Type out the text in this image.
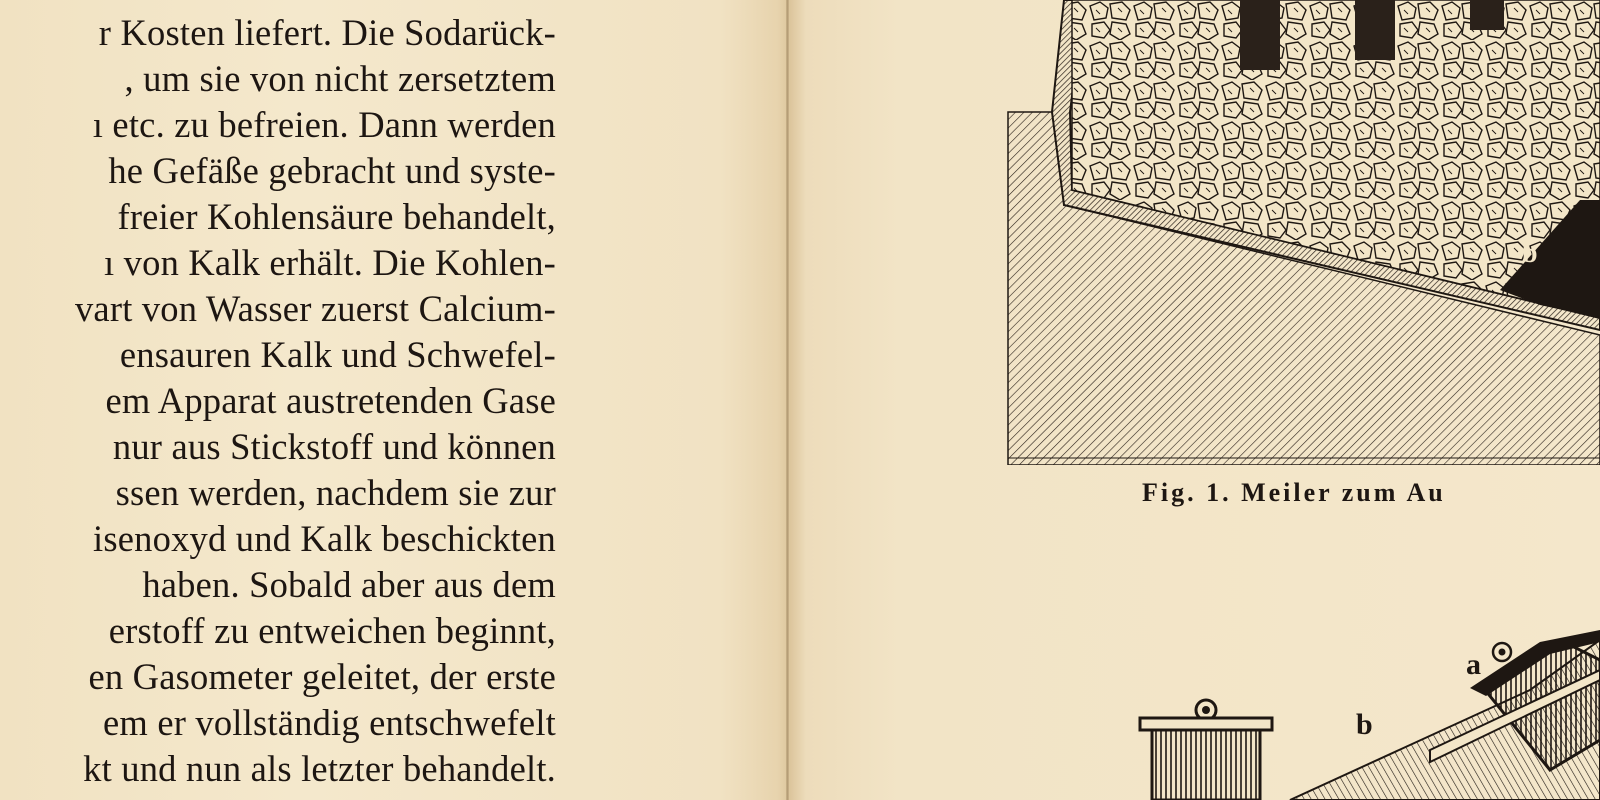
r Kosten liefert. Die Sodarück-
, um sie von nicht zersetztem
ı etc. zu befreien. Dann werden
he Gefäße gebracht und syste-
freier Kohlensäure behandelt,
ı von Kalk erhält. Die Kohlen-
vart von Wasser zuerst Calcium-
ensauren Kalk und Schwefel-
em Apparat austretenden Gase
nur aus Stickstoff und können
ssen werden, nachdem sie zur
isenoxyd und Kalk beschickten
haben. Sobald aber aus dem
erstoff zu entweichen beginnt,
en Gasometer geleitet, der erste
em er vollständig entschwefelt
kt und nun als letzter behandelt.
b
Fig. 1. Meiler zum Au
b
a
